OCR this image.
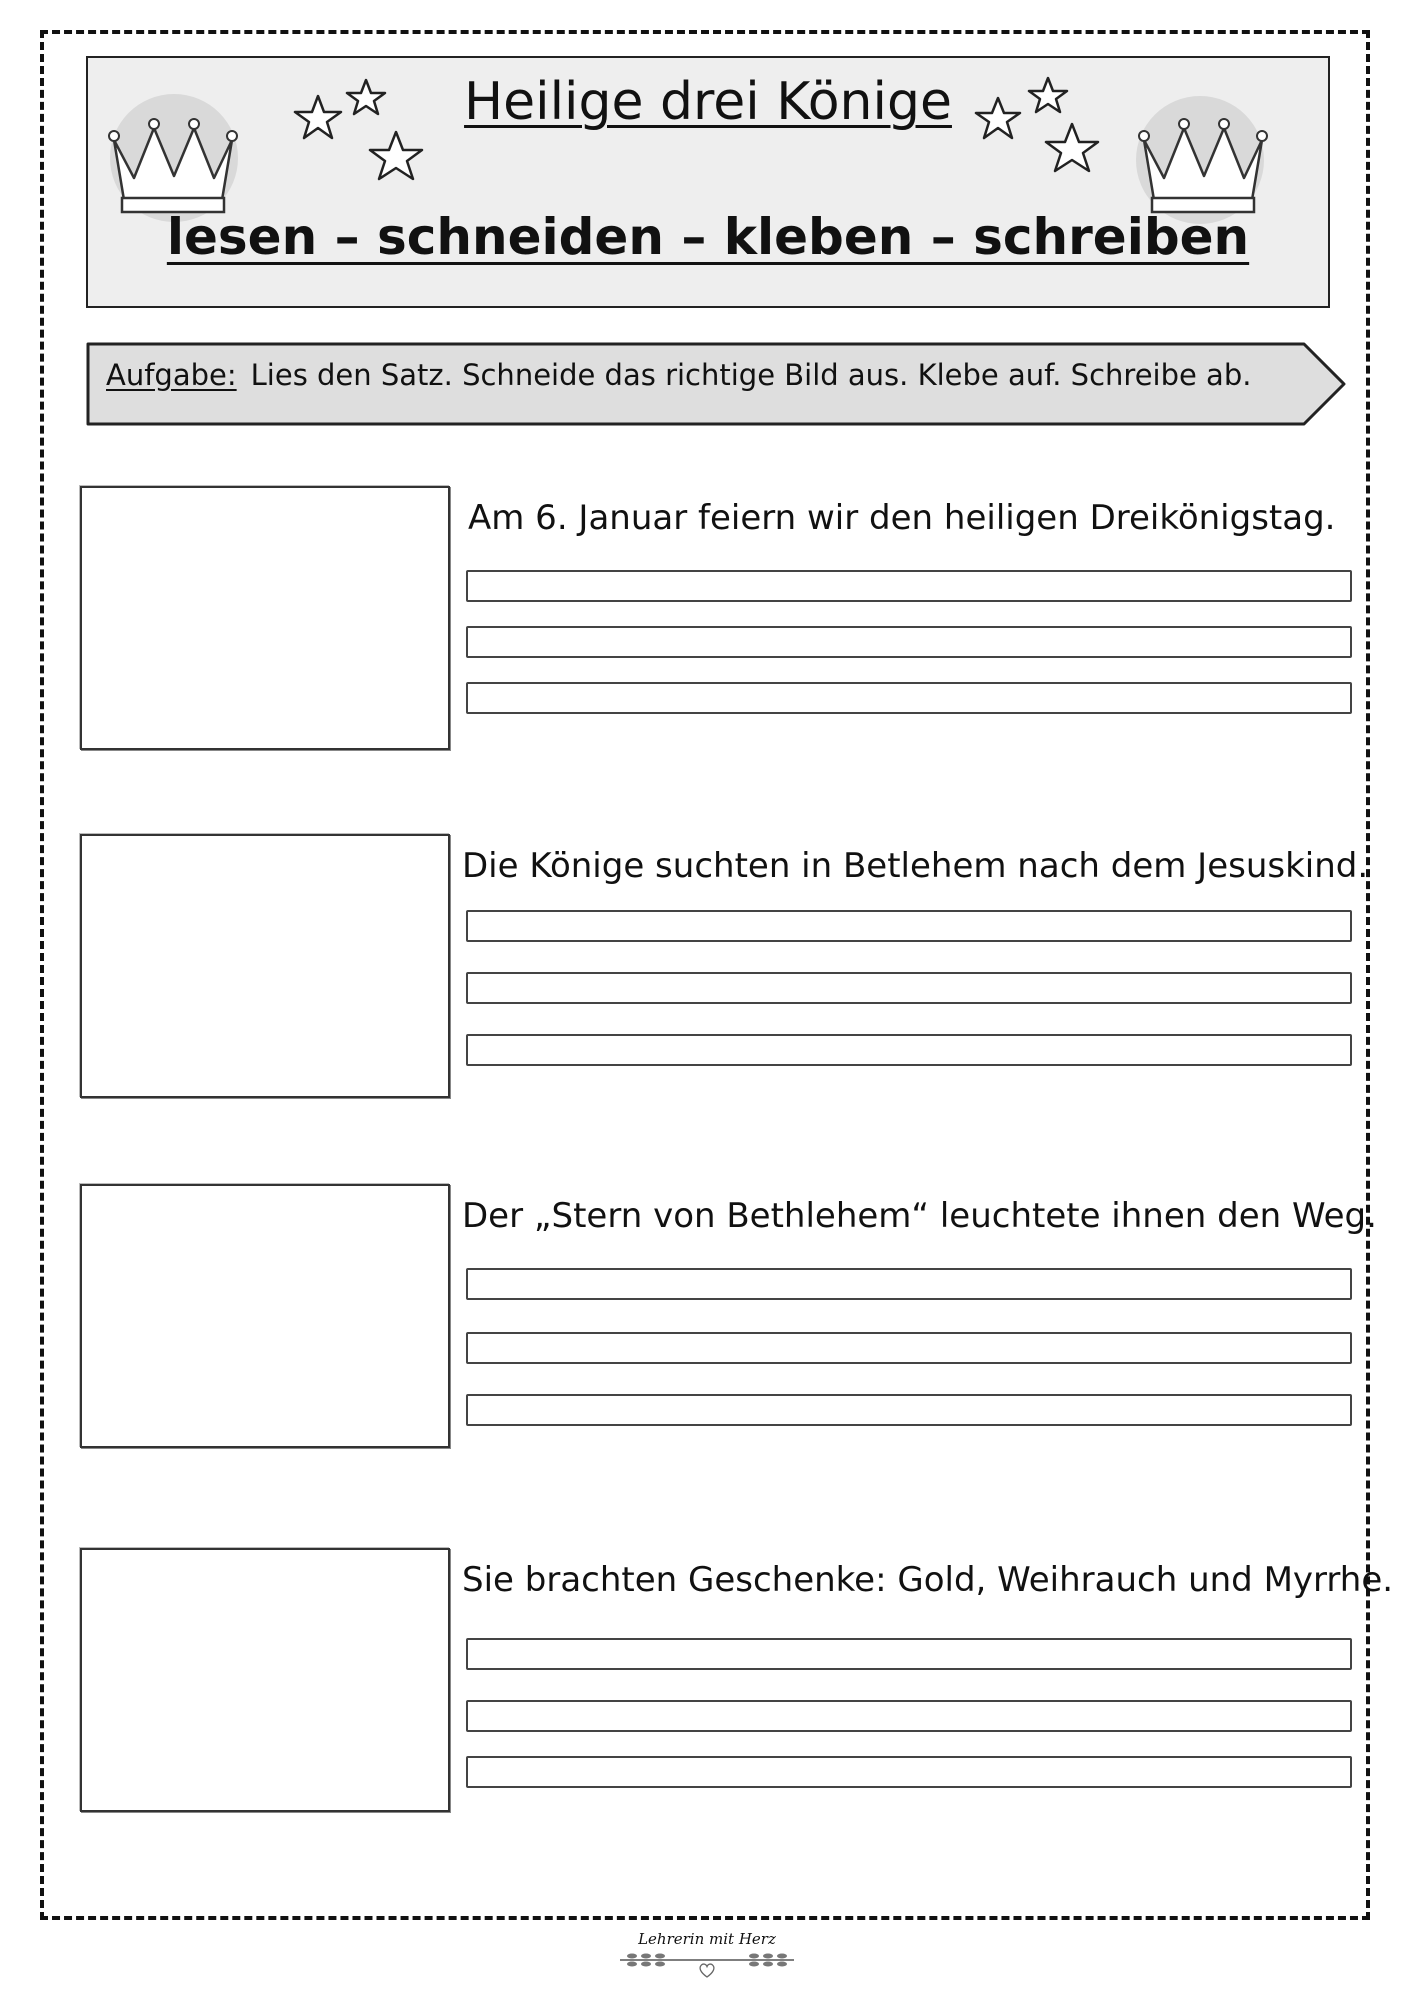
Heilige drei Könige
lesen – schneiden – kleben – schreiben
Aufgabe: Lies den Satz. Schneide das richtige Bild aus. Klebe auf. Schreibe ab.
Am 6. Januar feiern wir den heiligen Dreikönigstag.
Die Könige suchten in Betlehem nach dem Jesuskind.
Der „Stern von Bethlehem“ leuchtete ihnen den Weg.
Sie brachten Geschenke: Gold, Weihrauch und Myrrhe.
Lehrerin mit Herz
